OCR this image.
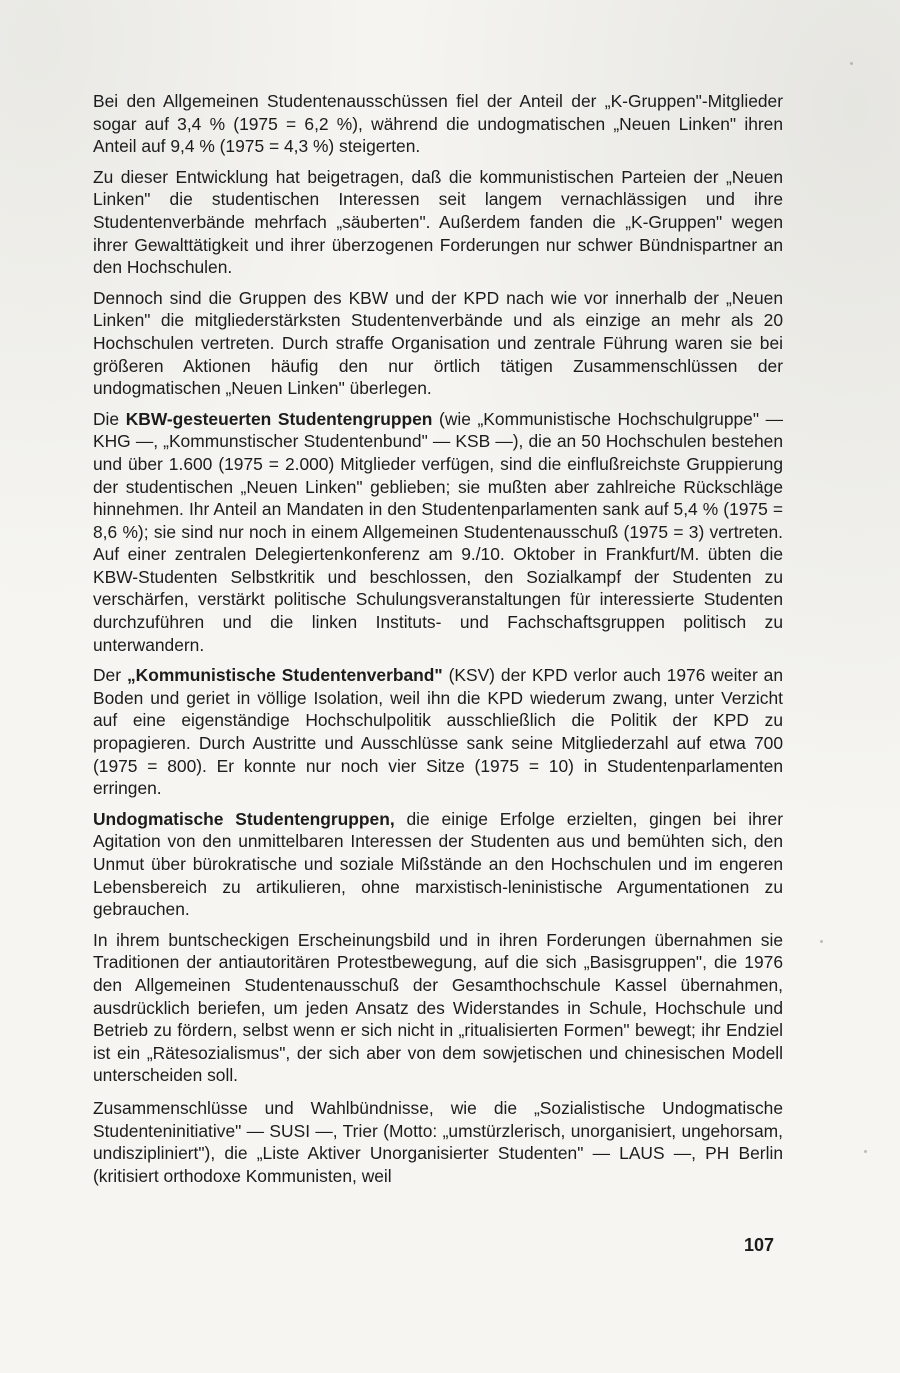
Bei den Allgemeinen Studentenausschüssen fiel der Anteil der „K-Gruppen"-Mitglieder sogar auf 3,4 % (1975 = 6,2 %), während die undogmatischen „Neuen Linken" ihren Anteil auf 9,4 % (1975 = 4,3 %) steigerten.

Zu dieser Entwicklung hat beigetragen, daß die kommunistischen Parteien der „Neuen Linken" die studentischen Interessen seit langem vernachlässigen und ihre Studentenverbände mehrfach „säuberten". Außerdem fanden die „K-Gruppen" wegen ihrer Gewalttätigkeit und ihrer überzogenen Forderungen nur schwer Bündnispartner an den Hochschulen.

Dennoch sind die Gruppen des KBW und der KPD nach wie vor innerhalb der „Neuen Linken" die mitgliederstärksten Studentenverbände und als einzige an mehr als 20 Hochschulen vertreten. Durch straffe Organisation und zentrale Führung waren sie bei größeren Aktionen häufig den nur örtlich tätigen Zusammenschlüssen der undogmatischen „Neuen Linken" überlegen.

Die KBW-gesteuerten Studentengruppen (wie „Kommunistische Hochschulgruppe" — KHG —, „Kommunstischer Studentenbund" — KSB —), die an 50 Hochschulen bestehen und über 1.600 (1975 = 2.000) Mitglieder verfügen, sind die einflußreichste Gruppierung der studentischen „Neuen Linken" geblieben; sie mußten aber zahlreiche Rückschläge hinnehmen. Ihr Anteil an Mandaten in den Studentenparlamenten sank auf 5,4 % (1975 = 8,6 %); sie sind nur noch in einem Allgemeinen Studentenausschuß (1975 = 3) vertreten. Auf einer zentralen Delegiertenkonferenz am 9./10. Oktober in Frankfurt/M. übten die KBW-Studenten Selbstkritik und beschlossen, den Sozialkampf der Studenten zu verschärfen, verstärkt politische Schulungsveranstaltungen für interessierte Studenten durchzuführen und die linken Instituts- und Fachschaftsgruppen politisch zu unterwandern.

Der „Kommunistische Studentenverband" (KSV) der KPD verlor auch 1976 weiter an Boden und geriet in völlige Isolation, weil ihn die KPD wiederum zwang, unter Verzicht auf eine eigenständige Hochschulpolitik ausschließlich die Politik der KPD zu propagieren. Durch Austritte und Ausschlüsse sank seine Mitgliederzahl auf etwa 700 (1975 = 800). Er konnte nur noch vier Sitze (1975 = 10) in Studentenparlamenten erringen.

Undogmatische Studentengruppen, die einige Erfolge erzielten, gingen bei ihrer Agitation von den unmittelbaren Interessen der Studenten aus und bemühten sich, den Unmut über bürokratische und soziale Mißstände an den Hochschulen und im engeren Lebensbereich zu artikulieren, ohne marxistisch-leninistische Argumentationen zu gebrauchen.

In ihrem buntscheckigen Erscheinungsbild und in ihren Forderungen übernahmen sie Traditionen der antiautoritären Protestbewegung, auf die sich „Basisgruppen", die 1976 den Allgemeinen Studentenausschuß der Gesamthochschule Kassel übernahmen, ausdrücklich beriefen, um jeden Ansatz des Widerstandes in Schule, Hochschule und Betrieb zu fördern, selbst wenn er sich nicht in „ritualisierten Formen" bewegt; ihr Endziel ist ein „Rätesozialismus", der sich aber von dem sowjetischen und chinesischen Modell unterscheiden soll.

Zusammenschlüsse und Wahlbündnisse, wie die „Sozialistische Undogmatische Studenteninitiative" — SUSI —, Trier (Motto: „umstürzlerisch, unorganisiert, ungehorsam, undiszipliniert"), die „Liste Aktiver Unorganisierter Studenten" — LAUS —, PH Berlin (kritisiert orthodoxe Kommunisten, weil

107
